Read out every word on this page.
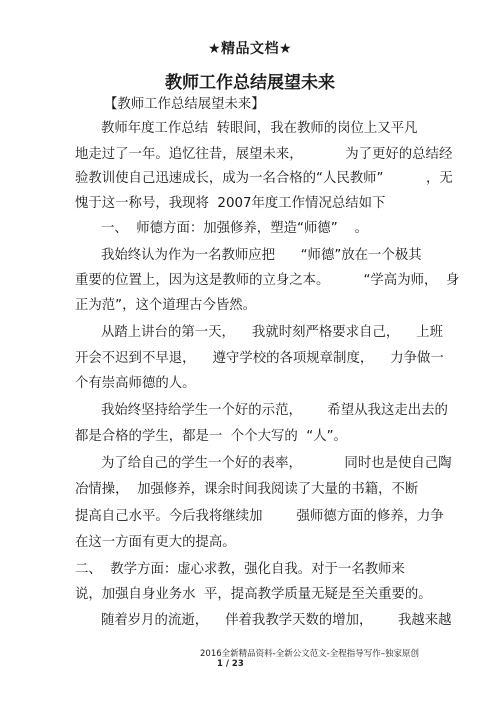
★精品文档★
教师工作总结展望未来
【教师工作总结展望未来】
教师年度工作总结  转眼间，我在教师的岗位上又平凡
地走过了一年。追忆往昔，展望未来，          为了更好的总结经
验教训使自己迅速成长，成为一名合格的“人民教师”          ，无
愧于这一称号，我现将  2007年度工作情况总结如下
一、  师德方面：加强修养，塑造“师德”    。
我始终认为作为一名教师应把      “师德”放在一个极其
重要的位置上，因为这是教师的立身之本。        “学高为师，  身
正为范”，这个道理古今皆然。
从踏上讲台的第一天，    我就时刻严格要求自己，    上班
开会不迟到不早退，    遵守学校的各项规章制度，    力争做一
个有崇高师德的人。
我始终坚持给学生一个好的示范，      希望从我这走出去的
都是合格的学生，都是一  个个大写的  “人”。
为了给自己的学生一个好的表率，          同时也是使自己陶
冶情操，  加强修养，课余时间我阅读了大量的书籍，不断
提高自己水平。今后我将继续加        强师德方面的修养，力争
在这一方面有更大的提高。
二、  教学方面：虚心求教，强化自我。对于一名教师来
说，加强自身业务水  平，提高教学质量无疑是至关重要的。
随着岁月的流逝，    伴着我教学天数的增加，      我越来越
2016全新精品资料-全新公文范文-全程指导写作–独家原创
1 / 23
